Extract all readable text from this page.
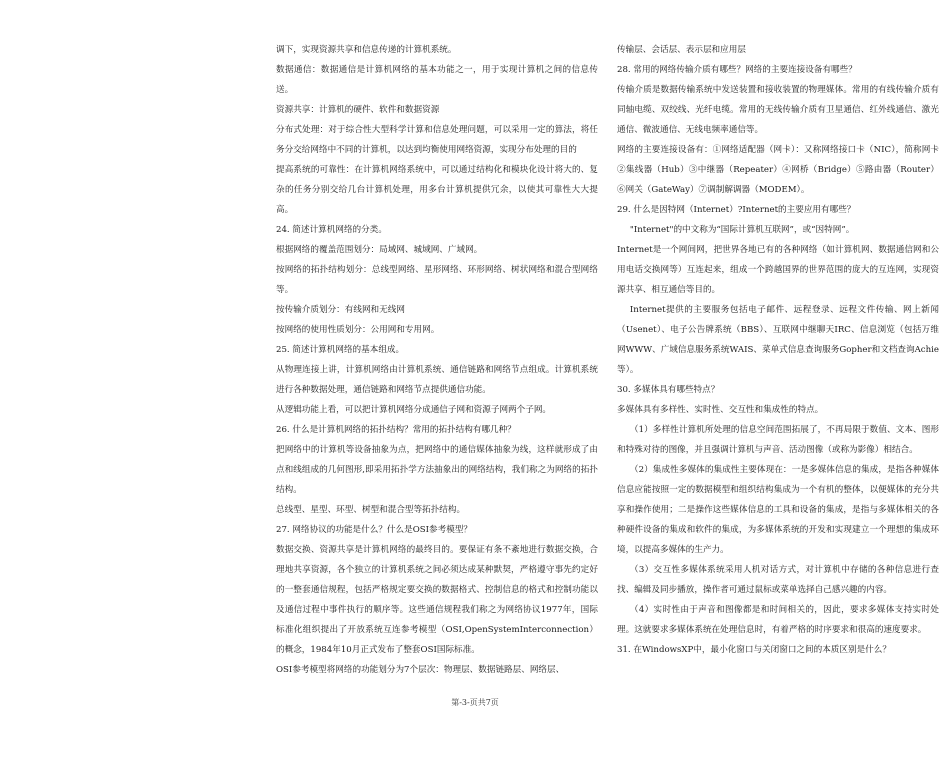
调下，实现资源共享和信息传递的计算机系统。

数据通信：数据通信是计算机网络的基本功能之一，用于实现计算机之间的信息传送。

资源共享：计算机的硬件、软件和数据资源

分布式处理：对于综合性大型科学计算和信息处理问题，可以采用一定的算法，将任务分交给网络中不同的计算机，以达到均衡使用网络资源，实现分布处理的目的

提高系统的可靠性：在计算机网络系统中，可以通过结构化和模块化设计将大的、复杂的任务分别交给几台计算机处理，用多台计算机提供冗余，以使其可靠性大大提高。

24. 简述计算机网络的分类。

根据网络的覆盖范围划分：局域网、城域网、广域网。

按网络的拓扑结构划分：总线型网络、星形网络、环形网络、树状网络和混合型网络等。

按传输介质划分：有线网和无线网

按网络的使用性质划分：公用网和专用网。

25. 简述计算机网络的基本组成。

从物理连接上讲，计算机网络由计算机系统、通信链路和网络节点组成。计算机系统进行各种数据处理，通信链路和网络节点提供通信功能。

从逻辑功能上看，可以把计算机网络分成通信子网和资源子网两个子网。

26. 什么是计算机网络的拓扑结构？常用的拓扑结构有哪几种？

把网络中的计算机等设备抽象为点，把网络中的通信媒体抽象为线，这样就形成了由点和线组成的几何图形,即采用拓扑学方法抽象出的网络结构，我们称之为网络的拓扑结构。

总线型、星型、环型、树型和混合型等拓扑结构。

27. 网络协议的功能是什么？什么是OSI参考模型？

数据交换、资源共享是计算机网络的最终目的。要保证有条不紊地进行数据交换，合理地共享资源，各个独立的计算机系统之间必须达成某种默契，严格遵守事先约定好的一整套通信规程，包括严格规定要交换的数据格式、控制信息的格式和控制功能以及通信过程中事件执行的顺序等。这些通信规程我们称之为网络协议1977年，国际标准化组织提出了开放系统互连参考模型（OSI,OpenSystemInterconnection）的概念，1984年10月正式发布了整套OSI国际标准。

OSI参考模型将网络的功能划分为7个层次：物理层、数据链路层、网络层、

传输层、会话层、表示层和应用层

28. 常用的网络传输介质有哪些？网络的主要连接设备有哪些？

传输介质是数据传输系统中发送装置和接收装置的物理媒体。常用的有线传输介质有同轴电缆、双绞线、光纤电缆。常用的无线传输介质有卫星通信、红外线通信、激光通信、微波通信、无线电频率通信等。

网络的主要连接设备有：①网络适配器（网卡）：又称网络接口卡（NIC），简称网卡②集线器（Hub）③中继器（Repeater）④网桥（Bridge）⑤路由器（Router）⑥网关（GateWay）⑦调制解调器（MODEM）。

29. 什么是因特网（Internet）?Internet的主要应用有哪些？

"Internet"的中文称为“国际计算机互联网”，或“因特网”。

Internet是一个网间网，把世界各地已有的各种网络（如计算机网、数据通信网和公用电话交换网等）互连起来，组成一个跨越国界的世界范围的庞大的互连网，实现资源共享、相互通信等目的。

Internet提供的主要服务包括电子邮件、远程登录、远程文件传输、网上新闻（Usenet）、电子公告牌系统（BBS）、互联网中继聊天IRC、信息浏览（包括万维网WWW、广域信息服务系统WAIS、菜单式信息查询服务Gopher和文档查询Achie等）。

30. 多媒体具有哪些特点？

多媒体具有多样性、实时性、交互性和集成性的特点。

（1）多样性计算机所处理的信息空间范围拓展了，不再局限于数值、文本、图形和特殊对待的图像，并且强调计算机与声音、活动图像（或称为影像）相结合。

（2）集成性多媒体的集成性主要体现在：一是多媒体信息的集成，是指各种媒体信息应能按照一定的数据模型和组织结构集成为一个有机的整体，以便媒体的充分共享和操作使用；二是操作这些媒体信息的工具和设备的集成，是指与多媒体相关的各种硬件设备的集成和软件的集成，为多媒体系统的开发和实现建立一个理想的集成环境，以提高多媒体的生产力。

（3）交互性多媒体系统采用人机对话方式，对计算机中存储的各种信息进行查找、编辑及同步播放，操作者可通过鼠标或菜单选择自己感兴趣的内容。

（4）实时性由于声音和图像都是和时间相关的，因此，要求多媒体支持实时处理。这就要求多媒体系统在处理信息时，有着严格的时序要求和很高的速度要求。

31. 在WindowsXP中，最小化窗口与关闭窗口之间的本质区别是什么？

第-3-页共7页
